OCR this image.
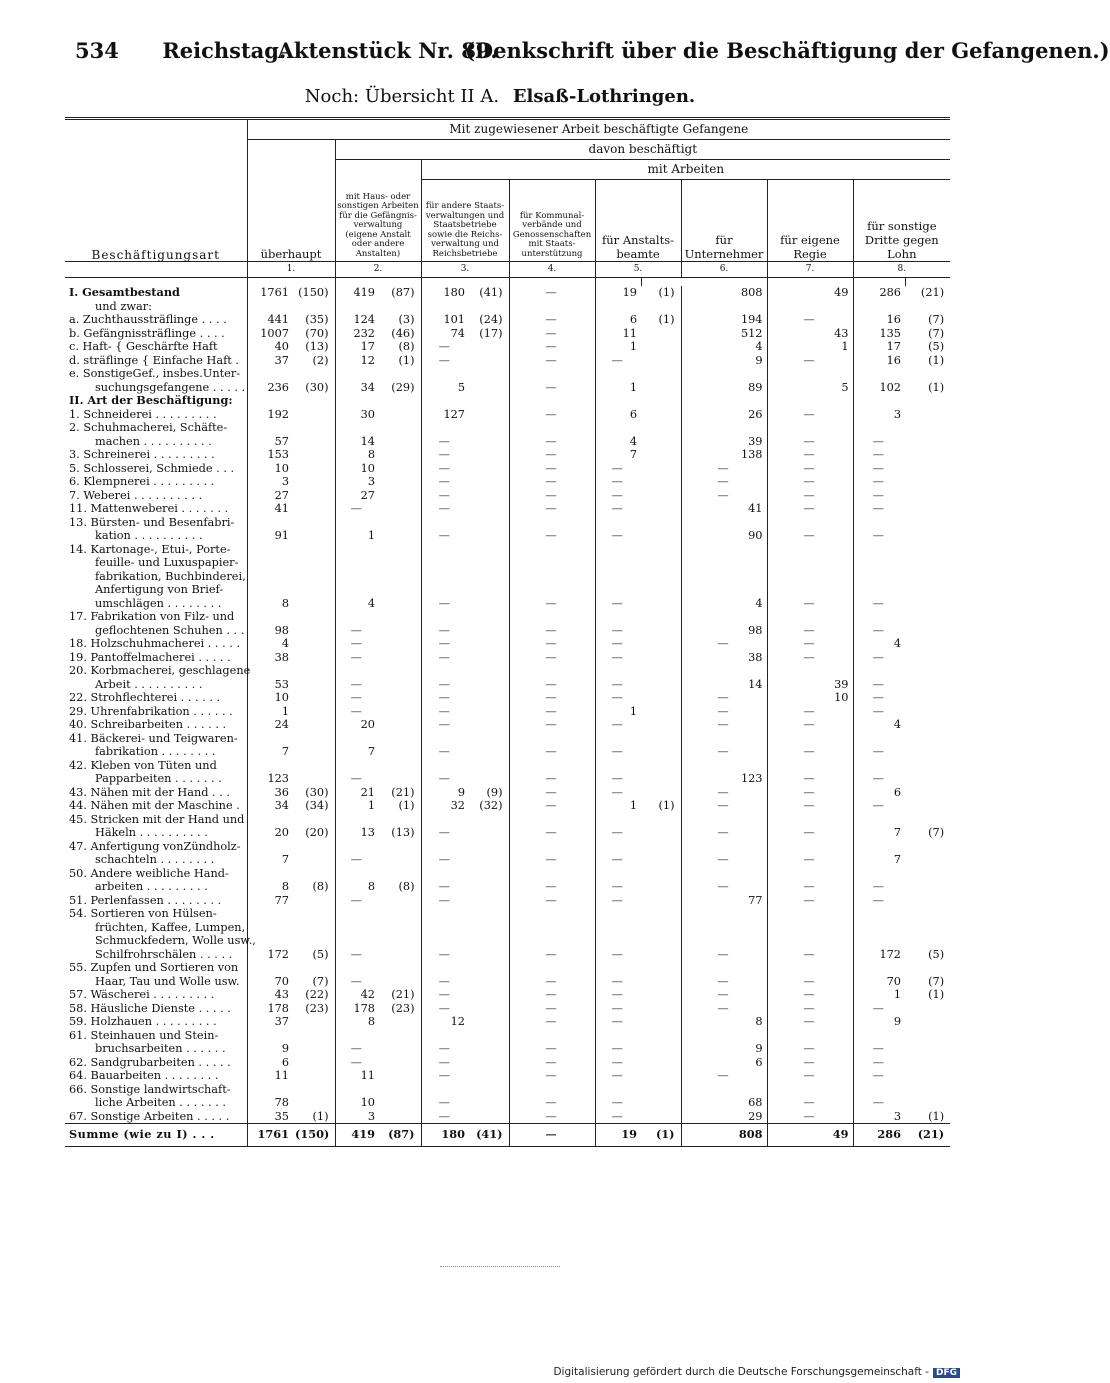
534 Reichstag. Aktenstück Nr. 89. (Denkschrift über die Beschäftigung der Gefangenen.)
Noch: Übersicht II A. Elsaß-Lothringen.
Beschäftigungsart	Mit zugewiesener Arbeit beschäftigte Gefangene												
	überhaupt		davon beschäftigt										
			mit Haus- oder sonstigen Arbeiten für die Gefängnis- verwaltung (eigene Anstalt oder andere Anstalten)		mit Arbeiten								
					für andere Staats- verwaltungen und Staatsbetriebe sowie die Reichs- verwaltung und Reichsbetriebe		für Kommunal- verbände und Genossenschaften mit Staats- unterstützung	für Anstalts- beamte		für Unternehmer	für eigene Regie	für sonstige Dritte gegen Lohn	
	1.		2.		3.		4.	5.		6.	7.	8.	

I. Gesamtbestand	1761	(150)	419	(87)	180	(41)	—	19	(1)	808	49	286	(21)
und zwar:													
a. Zuchthaussträflinge . . . .	441	(35)	124	(3)	101	(24)	—	6	(1)	194	—	16	(7)
b. Gefängnissträflinge . . . .	1007	(70)	232	(46)	74	(17)	—	11		512	43	135	(7)
c. Haft- { Geschärfte Haft	40	(13)	17	(8)	—		—	1		4	1	17	(5)
d. sträflinge { Einfache Haft .	37	(2)	12	(1)	—		—	—		9	—	16	(1)
e. SonstigeGef., insbes.Unter-													
suchungsgefangene . . . . .	236	(30)	34	(29)	5		—	1		89	5	102	(1)
II. Art der Beschäftigung:													
1. Schneiderei . . . . . . . . .	192		30		127		—	6		26	—	3	
2. Schuhmacherei, Schäfte-													
machen . . . . . . . . . .	57		14		—		—	4		39	—	—	
3. Schreinerei . . . . . . . . .	153		8		—		—	7		138	—	—	
5. Schlosserei, Schmiede . . .	10		10		—		—	—		—	—	—	
6. Klempnerei . . . . . . . . .	3		3		—		—	—		—	—	—	
7. Weberei . . . . . . . . . .	27		27		—		—	—		—	—	—	
11. Mattenweberei . . . . . . .	41		—		—		—	—		41	—	—	
13. Bürsten- und Besenfabri-													
kation . . . . . . . . . .	91		1		—		—	—		90	—	—	
14. Kartonage-, Etui-, Porte-													
feuille- und Luxuspapier-													
fabrikation, Buchbinderei,													
Anfertigung von Brief-													
umschlägen . . . . . . . .	8		4		—		—	—		4	—	—	
17. Fabrikation von Filz- und													
geflochtenen Schuhen . . .	98		—		—		—	—		98	—	—	
18. Holzschuhmacherei . . . . .	4		—		—		—	—		—	—	4	
19. Pantoffelmacherei . . . . .	38		—		—		—	—		38	—	—	
20. Korbmacherei, geschlagene													
Arbeit . . . . . . . . . .	53		—		—		—	—		14	39	—	
22. Strohflechterei . . . . . .	10		—		—		—	—		—	10	—	
29. Uhrenfabrikation . . . . . .	1		—		—		—	1		—	—	—	
40. Schreibarbeiten . . . . . .	24		20		—		—	—		—	—	4	
41. Bäckerei- und Teigwaren-													
fabrikation . . . . . . . .	7		7		—		—	—		—	—	—	
42. Kleben von Tüten und													
Papparbeiten . . . . . . .	123		—		—		—	—		123	—	—	
43. Nähen mit der Hand . . .	36	(30)	21	(21)	9	(9)	—	—		—	—	6	
44. Nähen mit der Maschine .	34	(34)	1	(1)	32	(32)	—	1	(1)	—	—	—	
45. Stricken mit der Hand und													
Häkeln . . . . . . . . . .	20	(20)	13	(13)	—		—	—		—	—	7	(7)
47. Anfertigung vonZündholz-													
schachteln . . . . . . . .	7		—		—		—	—		—	—	7	
50. Andere weibliche Hand-													
arbeiten . . . . . . . . .	8	(8)	8	(8)	—		—	—		—	—	—	
51. Perlenfassen . . . . . . . .	77		—		—		—	—		77	—	—	
54. Sortieren von Hülsen-													
früchten, Kaffee, Lumpen,													
Schmuckfedern, Wolle usw.,													
Schilfrohrschälen . . . . .	172	(5)	—		—		—	—		—	—	172	(5)
55. Zupfen und Sortieren von													
Haar, Tau und Wolle usw.	70	(7)	—		—		—	—		—	—	70	(7)
57. Wäscherei . . . . . . . . .	43	(22)	42	(21)	—		—	—		—	—	1	(1)
58. Häusliche Dienste . . . . .	178	(23)	178	(23)	—		—	—		—	—	—	
59. Holzhauen . . . . . . . . .	37		8		12		—	—		8	—	9	
61. Steinhauen und Stein-													
bruchsarbeiten . . . . . .	9		—		—		—	—		9	—	—	
62. Sandgrubarbeiten . . . . .	6		—		—		—	—		6	—	—	
64. Bauarbeiten . . . . . . . .	11		11		—		—	—		—	—	—	
66. Sonstige landwirtschaft-													
liche Arbeiten . . . . . . .	78		10		—		—	—		68	—	—	
67. Sonstige Arbeiten . . . . .	35	(1)	3		—		—	—		29	—	3	(1)
Summe (wie zu I) . . .	1761	(150)	419	(87)	180	(41)	—	19	(1)	808	49	286	(21)
Digitalisierung gefördert durch die Deutsche Forschungsgemeinschaft - DFG
